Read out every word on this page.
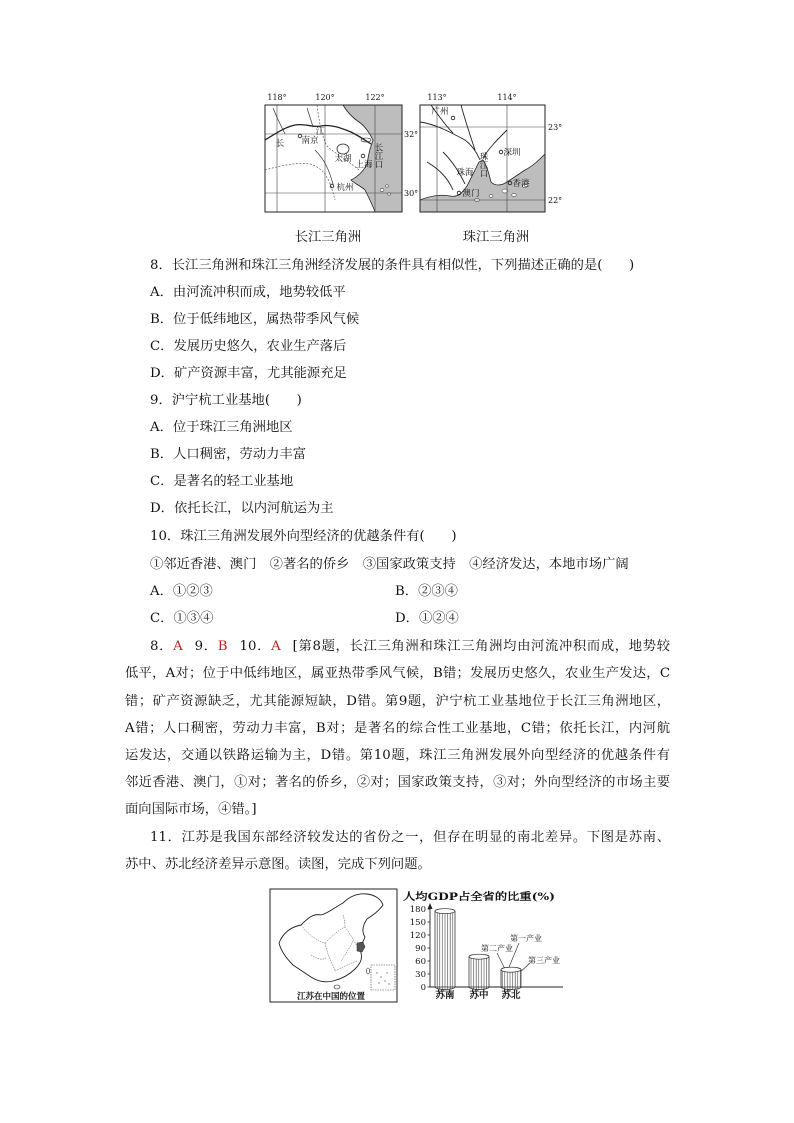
118°	120°	122°
32°
30°
长 南京
江
太湖
上海 长江口
杭州
113°	114°
23°
22°
广州
深圳
珠江口
珠海
澳门
香港
长江三角洲	珠江三角洲
8．长江三角洲和珠江三角洲经济发展的条件具有相似性，下列描述正确的是(　　)
A．由河流冲积而成，地势较低平
B．位于低纬地区，属热带季风气候
C．发展历史悠久，农业生产落后
D．矿产资源丰富，尤其能源充足
9．沪宁杭工业基地(　　)
A．位于珠江三角洲地区
B．人口稠密，劳动力丰富
C．是著名的轻工业基地
D．依托长江，以内河航运为主
10．珠江三角洲发展外向型经济的优越条件有(　　)
①邻近香港、澳门　②著名的侨乡　③国家政策支持　④经济发达，本地市场广阔
A．①②③	B．②③④
C．①③④	D．①②④
8．A 9．B 10．A [第8题，长江三角洲和珠江三角洲均由河流冲积而成，地势较
低平，A对；位于中低纬地区，属亚热带季风气候，B错；发展历史悠久，农业生产发达，C
错；矿产资源缺乏，尤其能源短缺，D错。第9题，沪宁杭工业基地位于长江三角洲地区，
A错；人口稠密，劳动力丰富，B对；是著名的综合性工业基地，C错；依托长江，内河航
运发达，交通以铁路运输为主，D错。第10题，珠江三角洲发展外向型经济的优越条件有
邻近香港、澳门，①对；著名的侨乡，②对；国家政策支持，③对；外向型经济的市场主要
面向国际市场，④错。]
11．江苏是我国东部经济较发达的省份之一，但存在明显的南北差异。下图是苏南、
苏中、苏北经济差异示意图。读图，完成下列问题。
江苏在中国的位置
人均GDP占全省的比重(%)
第一产业
第二产业
第三产业
180
150
120
90
60
30
0
苏南 苏中 苏北
